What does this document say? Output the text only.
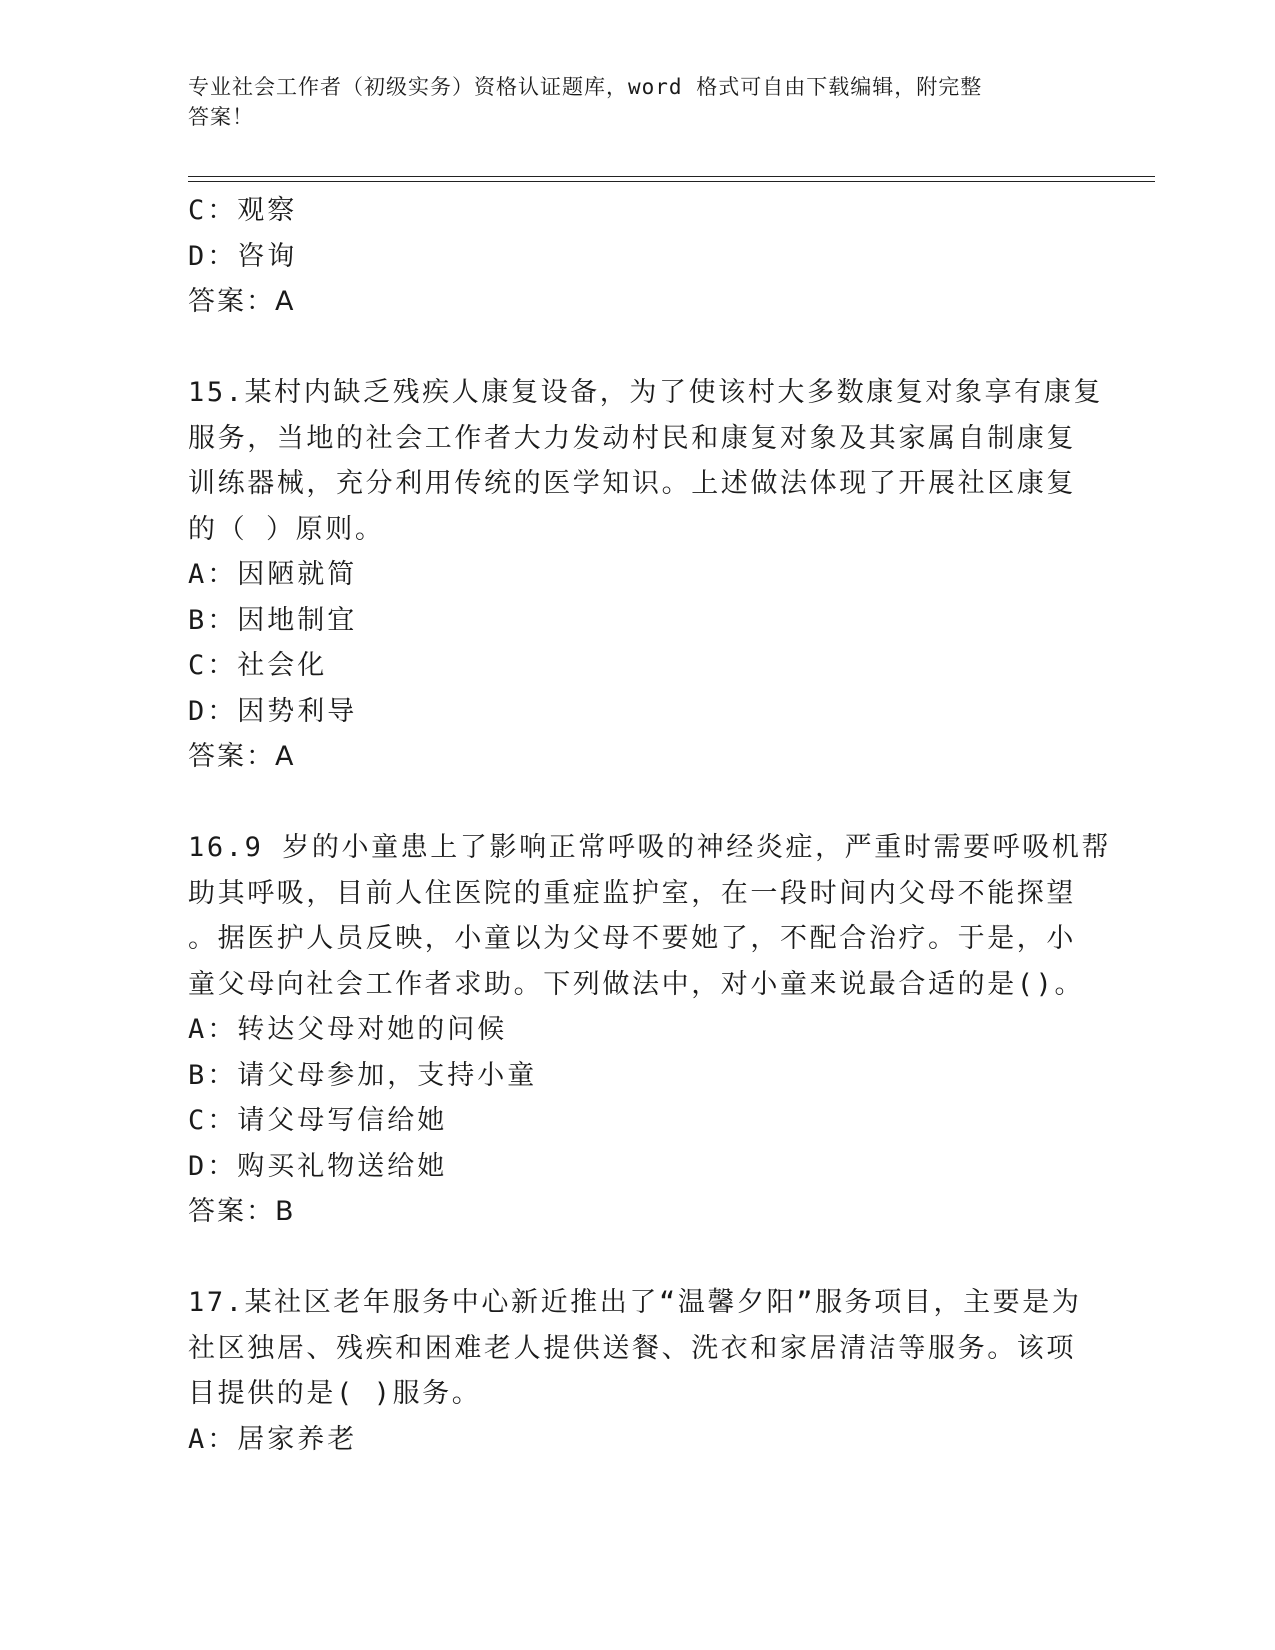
专业社会工作者（初级实务）资格认证题库，word 格式可自由下载编辑，附完整
答案！
C：观察
D：咨询
答案：A
15.某村内缺乏残疾人康复设备，为了使该村大多数康复对象享有康复
服务，当地的社会工作者大力发动村民和康复对象及其家属自制康复
训练器械，充分利用传统的医学知识。上述做法体现了开展社区康复
的（ ）原则。
A：因陋就简
B：因地制宜
C：社会化
D：因势利导
答案：A
16.9 岁的小童患上了影响正常呼吸的神经炎症，严重时需要呼吸机帮
助其呼吸，目前人住医院的重症监护室，在一段时间内父母不能探望
。据医护人员反映，小童以为父母不要她了，不配合治疗。于是，小
童父母向社会工作者求助。下列做法中，对小童来说最合适的是()。
A：转达父母对她的问候
B：请父母参加，支持小童
C：请父母写信给她
D：购买礼物送给她
答案：B
17.某社区老年服务中心新近推出了“温馨夕阳”服务项目，主要是为
社区独居、残疾和困难老人提供送餐、洗衣和家居清洁等服务。该项
目提供的是( )服务。
A：居家养老
